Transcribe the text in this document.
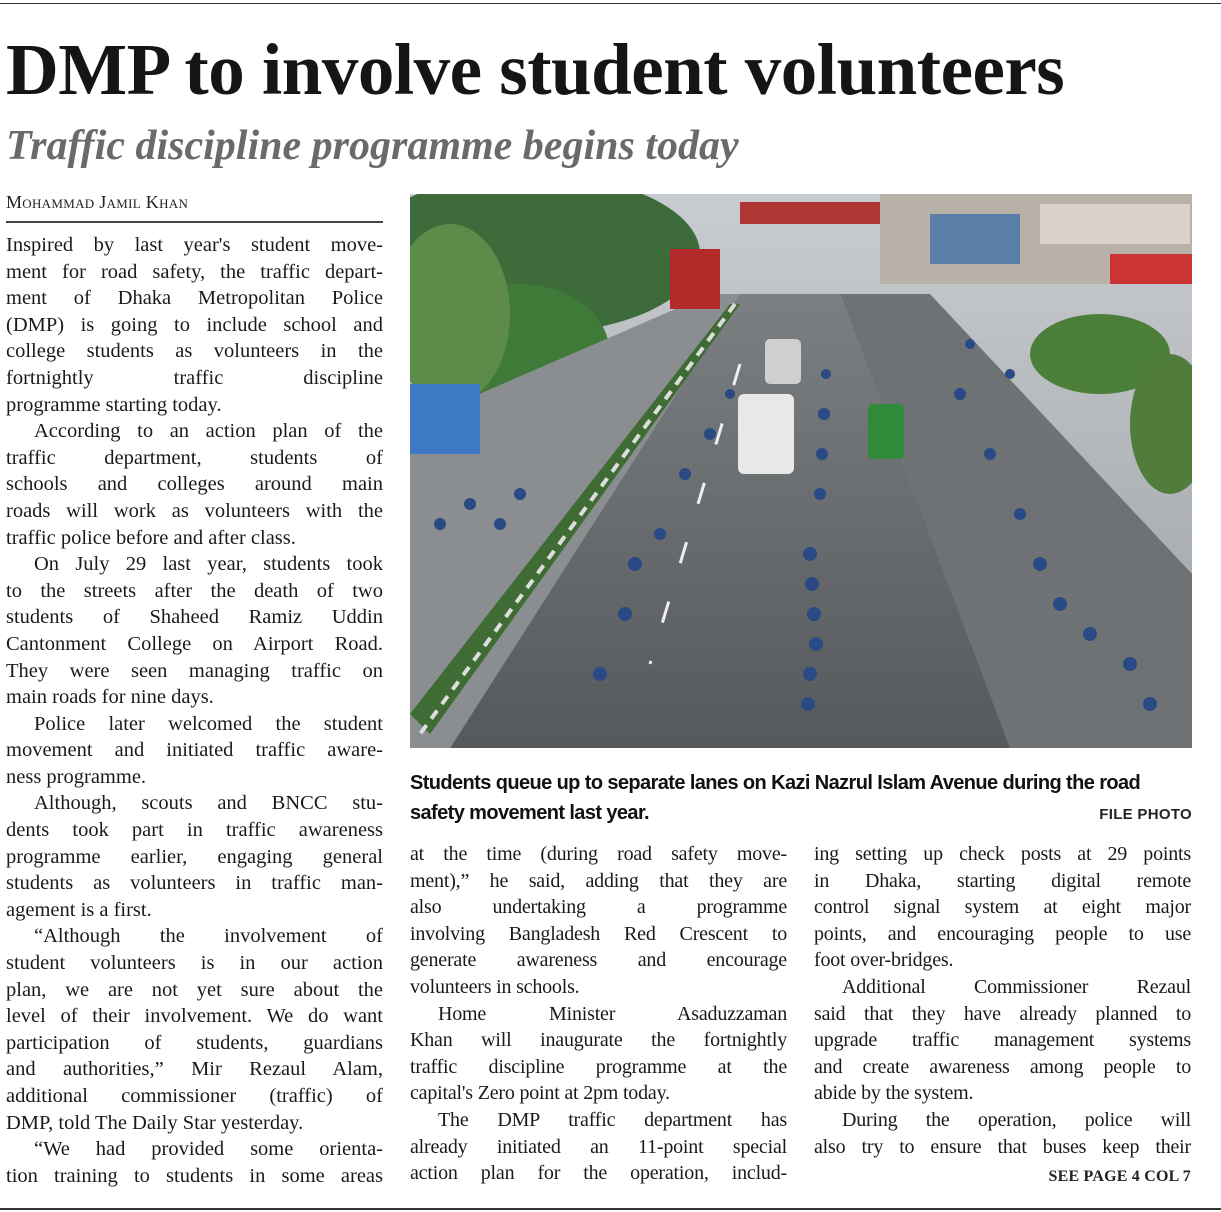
DMP to involve student volunteers
Traffic discipline programme begins today
Mohammad Jamil Khan
Inspired by last year's student move-
ment for road safety, the traffic depart-
ment of Dhaka Metropolitan Police
(DMP) is going to include school and
college students as volunteers in the
fortnightly traffic discipline
programme starting today.
According to an action plan of the
traffic department, students of
schools and colleges around main
roads will work as volunteers with the
traffic police before and after class.
On July 29 last year, students took
to the streets after the death of two
students of Shaheed Ramiz Uddin
Cantonment College on Airport Road.
They were seen managing traffic on
main roads for nine days.
Police later welcomed the student
movement and initiated traffic aware-
ness programme.
Although, scouts and BNCC stu-
dents took part in traffic awareness
programme earlier, engaging general
students as volunteers in traffic man-
agement is a first.
“Although the involvement of
student volunteers is in our action
plan, we are not yet sure about the
level of their involvement. We do want
participation of students, guardians
and authorities,” Mir Rezaul Alam,
additional commissioner (traffic) of
DMP, told The Daily Star yesterday.
“We had provided some orienta-
tion training to students in some areas
Students queue up to separate lanes on Kazi Nazrul Islam Avenue during the road safety movement last year.	FILE PHOTO
at the time (during road safety move-
ment),” he said, adding that they are
also undertaking a programme
involving Bangladesh Red Crescent to
generate awareness and encourage
volunteers in schools.
Home Minister Asaduzzaman
Khan will inaugurate the fortnightly
traffic discipline programme at the
capital's Zero point at 2pm today.
The DMP traffic department has
already initiated an 11-point special
action plan for the operation, includ-
ing setting up check posts at 29 points
in Dhaka, starting digital remote
control signal system at eight major
points, and encouraging people to use
foot over-bridges.
Additional Commissioner Rezaul
said that they have already planned to
upgrade traffic management systems
and create awareness among people to
abide by the system.
During the operation, police will
also try to ensure that buses keep their
SEE PAGE 4 COL 7
